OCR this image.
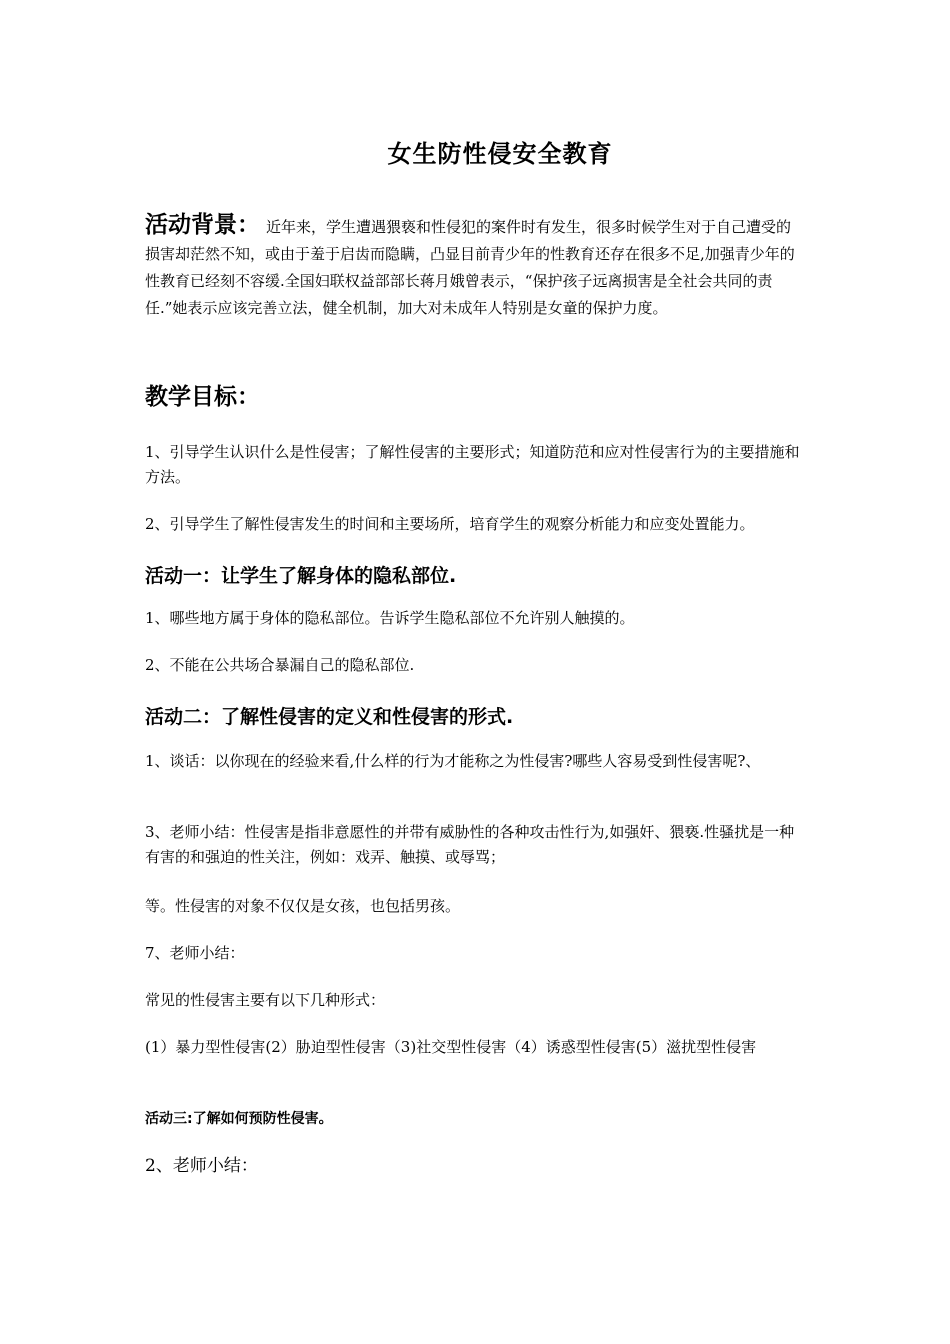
女生防性侵安全教育
活动背景： 近年来，学生遭遇猥亵和性侵犯的案件时有发生，很多时候学生对于自己遭受的损害却茫然不知，或由于羞于启齿而隐瞒，凸显目前青少年的性教育还存在很多不足,加强青少年的性教育已经刻不容缓.全国妇联权益部部长蒋月娥曾表示，“保护孩子远离损害是全社会共同的责任.”她表示应该完善立法，健全机制，加大对未成年人特别是女童的保护力度。
教学目标：
1、引导学生认识什么是性侵害；了解性侵害的主要形式；知道防范和应对性侵害行为的主要措施和方法。
2、引导学生了解性侵害发生的时间和主要场所，培育学生的观察分析能力和应变处置能力。
活动一：让学生了解身体的隐私部位.
1、哪些地方属于身体的隐私部位。告诉学生隐私部位不允许别人触摸的。
2、不能在公共场合暴漏自己的隐私部位.
活动二：了解性侵害的定义和性侵害的形式.
1、谈话：以你现在的经验来看,什么样的行为才能称之为性侵害?哪些人容易受到性侵害呢?、
3、老师小结：性侵害是指非意愿性的并带有威胁性的各种攻击性行为,如强奸、猥亵.性骚扰是一种有害的和强迫的性关注，例如：戏弄、触摸、或辱骂；
等。性侵害的对象不仅仅是女孩，也包括男孩。
7、老师小结：
常见的性侵害主要有以下几种形式：
(1）暴力型性侵害(2）胁迫型性侵害（3)社交型性侵害（4）诱惑型性侵害(5）滋扰型性侵害
活动三:了解如何预防性侵害。
2、老师小结：
